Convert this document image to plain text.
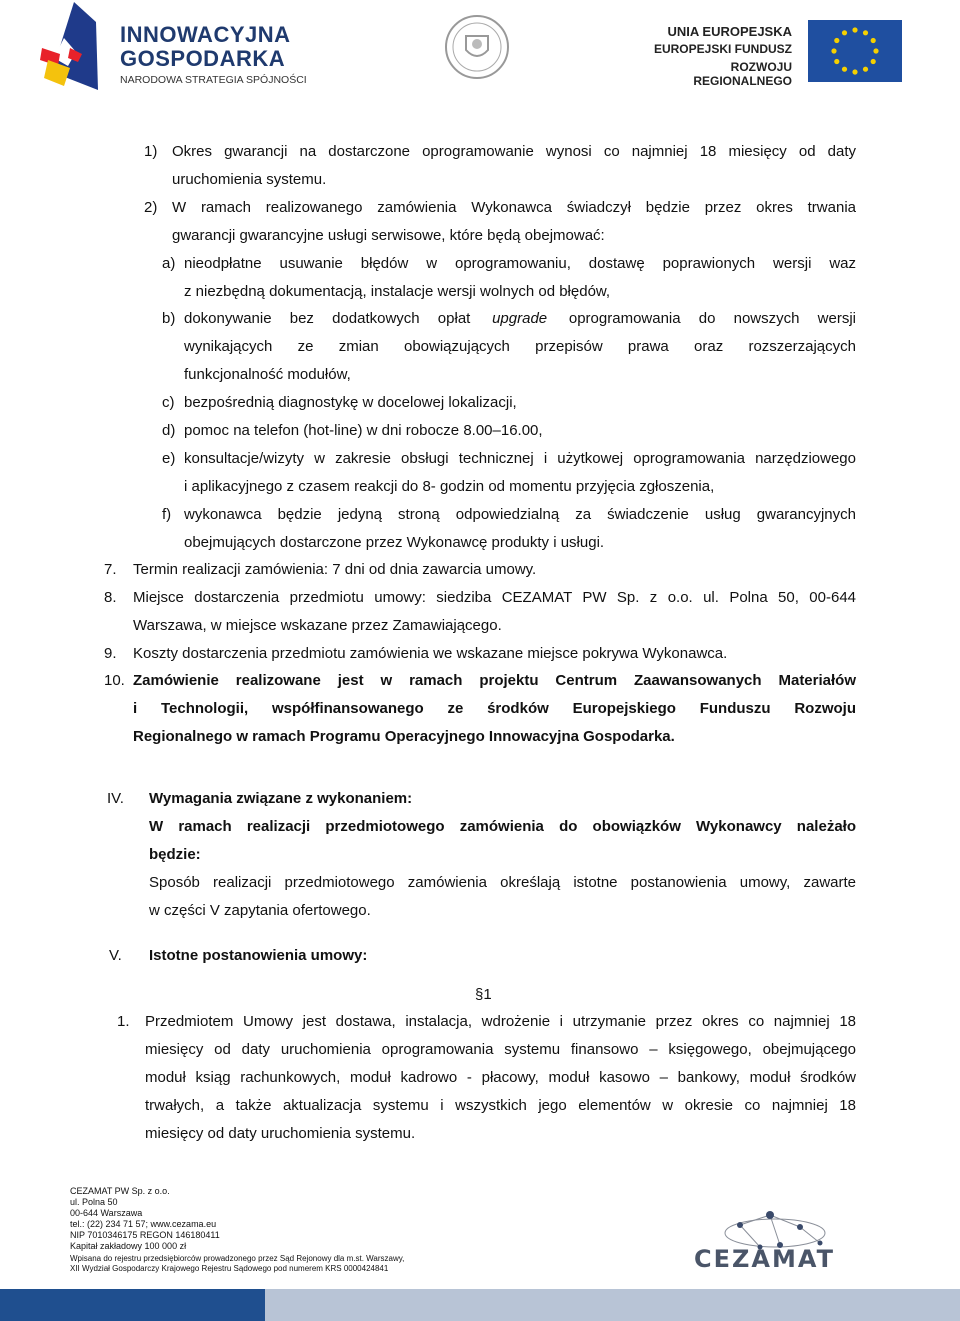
INNOWACYJNA
GOSPODARKA
NARODOWA STRATEGIA SPÓJNOŚCI
UNIA EUROPEJSKA
EUROPEJSKI FUNDUSZ
ROZWOJU REGIONALNEGO
1) Okres gwarancji na dostarczone oprogramowanie wynosi co najmniej 18 miesięcy od daty
uruchomienia systemu.
2) W ramach realizowanego zamówienia Wykonawca świadczył będzie przez okres trwania
gwarancji gwarancyjne usługi serwisowe, które będą obejmować:
a) nieodpłatne usuwanie błędów w oprogramowaniu, dostawę poprawionych wersji waz
z niezbędną dokumentacją, instalacje wersji wolnych od błędów,
b) dokonywanie bez dodatkowych opłat upgrade oprogramowania do nowszych wersji
wynikających ze zmian obowiązujących przepisów prawa oraz rozszerzających
funkcjonalność modułów,
c) bezpośrednią diagnostykę w docelowej lokalizacji,
d) pomoc na telefon (hot-line) w dni robocze 8.00–16.00,
e) konsultacje/wizyty w zakresie obsługi technicznej i użytkowej oprogramowania narzędziowego
i aplikacyjnego z czasem reakcji do 8- godzin od momentu przyjęcia zgłoszenia,
f) wykonawca będzie jedyną stroną odpowiedzialną za świadczenie usług gwarancyjnych
obejmujących dostarczone przez Wykonawcę produkty i usługi.
7. Termin realizacji zamówienia: 7 dni od dnia zawarcia umowy.
8. Miejsce dostarczenia przedmiotu umowy: siedziba CEZAMAT PW Sp. z o.o. ul. Polna 50, 00-644
Warszawa, w miejsce wskazane przez Zamawiającego.
9. Koszty dostarczenia przedmiotu zamówienia we wskazane miejsce pokrywa Wykonawca.
10. Zamówienie realizowane jest w ramach projektu Centrum Zaawansowanych Materiałów
i Technologii, współfinansowanego ze środków Europejskiego Funduszu Rozwoju
Regionalnego w ramach Programu Operacyjnego Innowacyjna Gospodarka.
IV. Wymagania związane z wykonaniem:
W ramach realizacji przedmiotowego zamówienia do obowiązków Wykonawcy należało
będzie:
Sposób realizacji przedmiotowego zamówienia określają istotne postanowienia umowy, zawarte
w części V zapytania ofertowego.
V. Istotne postanowienia umowy:
§1
1. Przedmiotem Umowy jest dostawa, instalacja, wdrożenie i utrzymanie przez okres co najmniej 18
miesięcy od daty uruchomienia oprogramowania systemu finansowo – księgowego, obejmującego
moduł ksiąg rachunkowych, moduł kadrowo - płacowy, moduł kasowo – bankowy, moduł środków
trwałych, a także aktualizacja systemu i wszystkich jego elementów w okresie co najmniej 18
miesięcy od daty uruchomienia systemu.
CEZAMAT PW Sp. z o.o.
ul. Polna 50
00-644 Warszawa
tel.: (22) 234 71 57; www.cezama.eu
NIP 7010346175 REGON 146180411
Kapitał zakładowy 100 000 zł
Wpisana do rejestru przedsiębiorców prowadzonego przez Sąd Rejonowy dla m.st. Warszawy,
XII Wydział Gospodarczy Krajowego Rejestru Sądowego pod numerem KRS 0000424841	CEZAMAT
